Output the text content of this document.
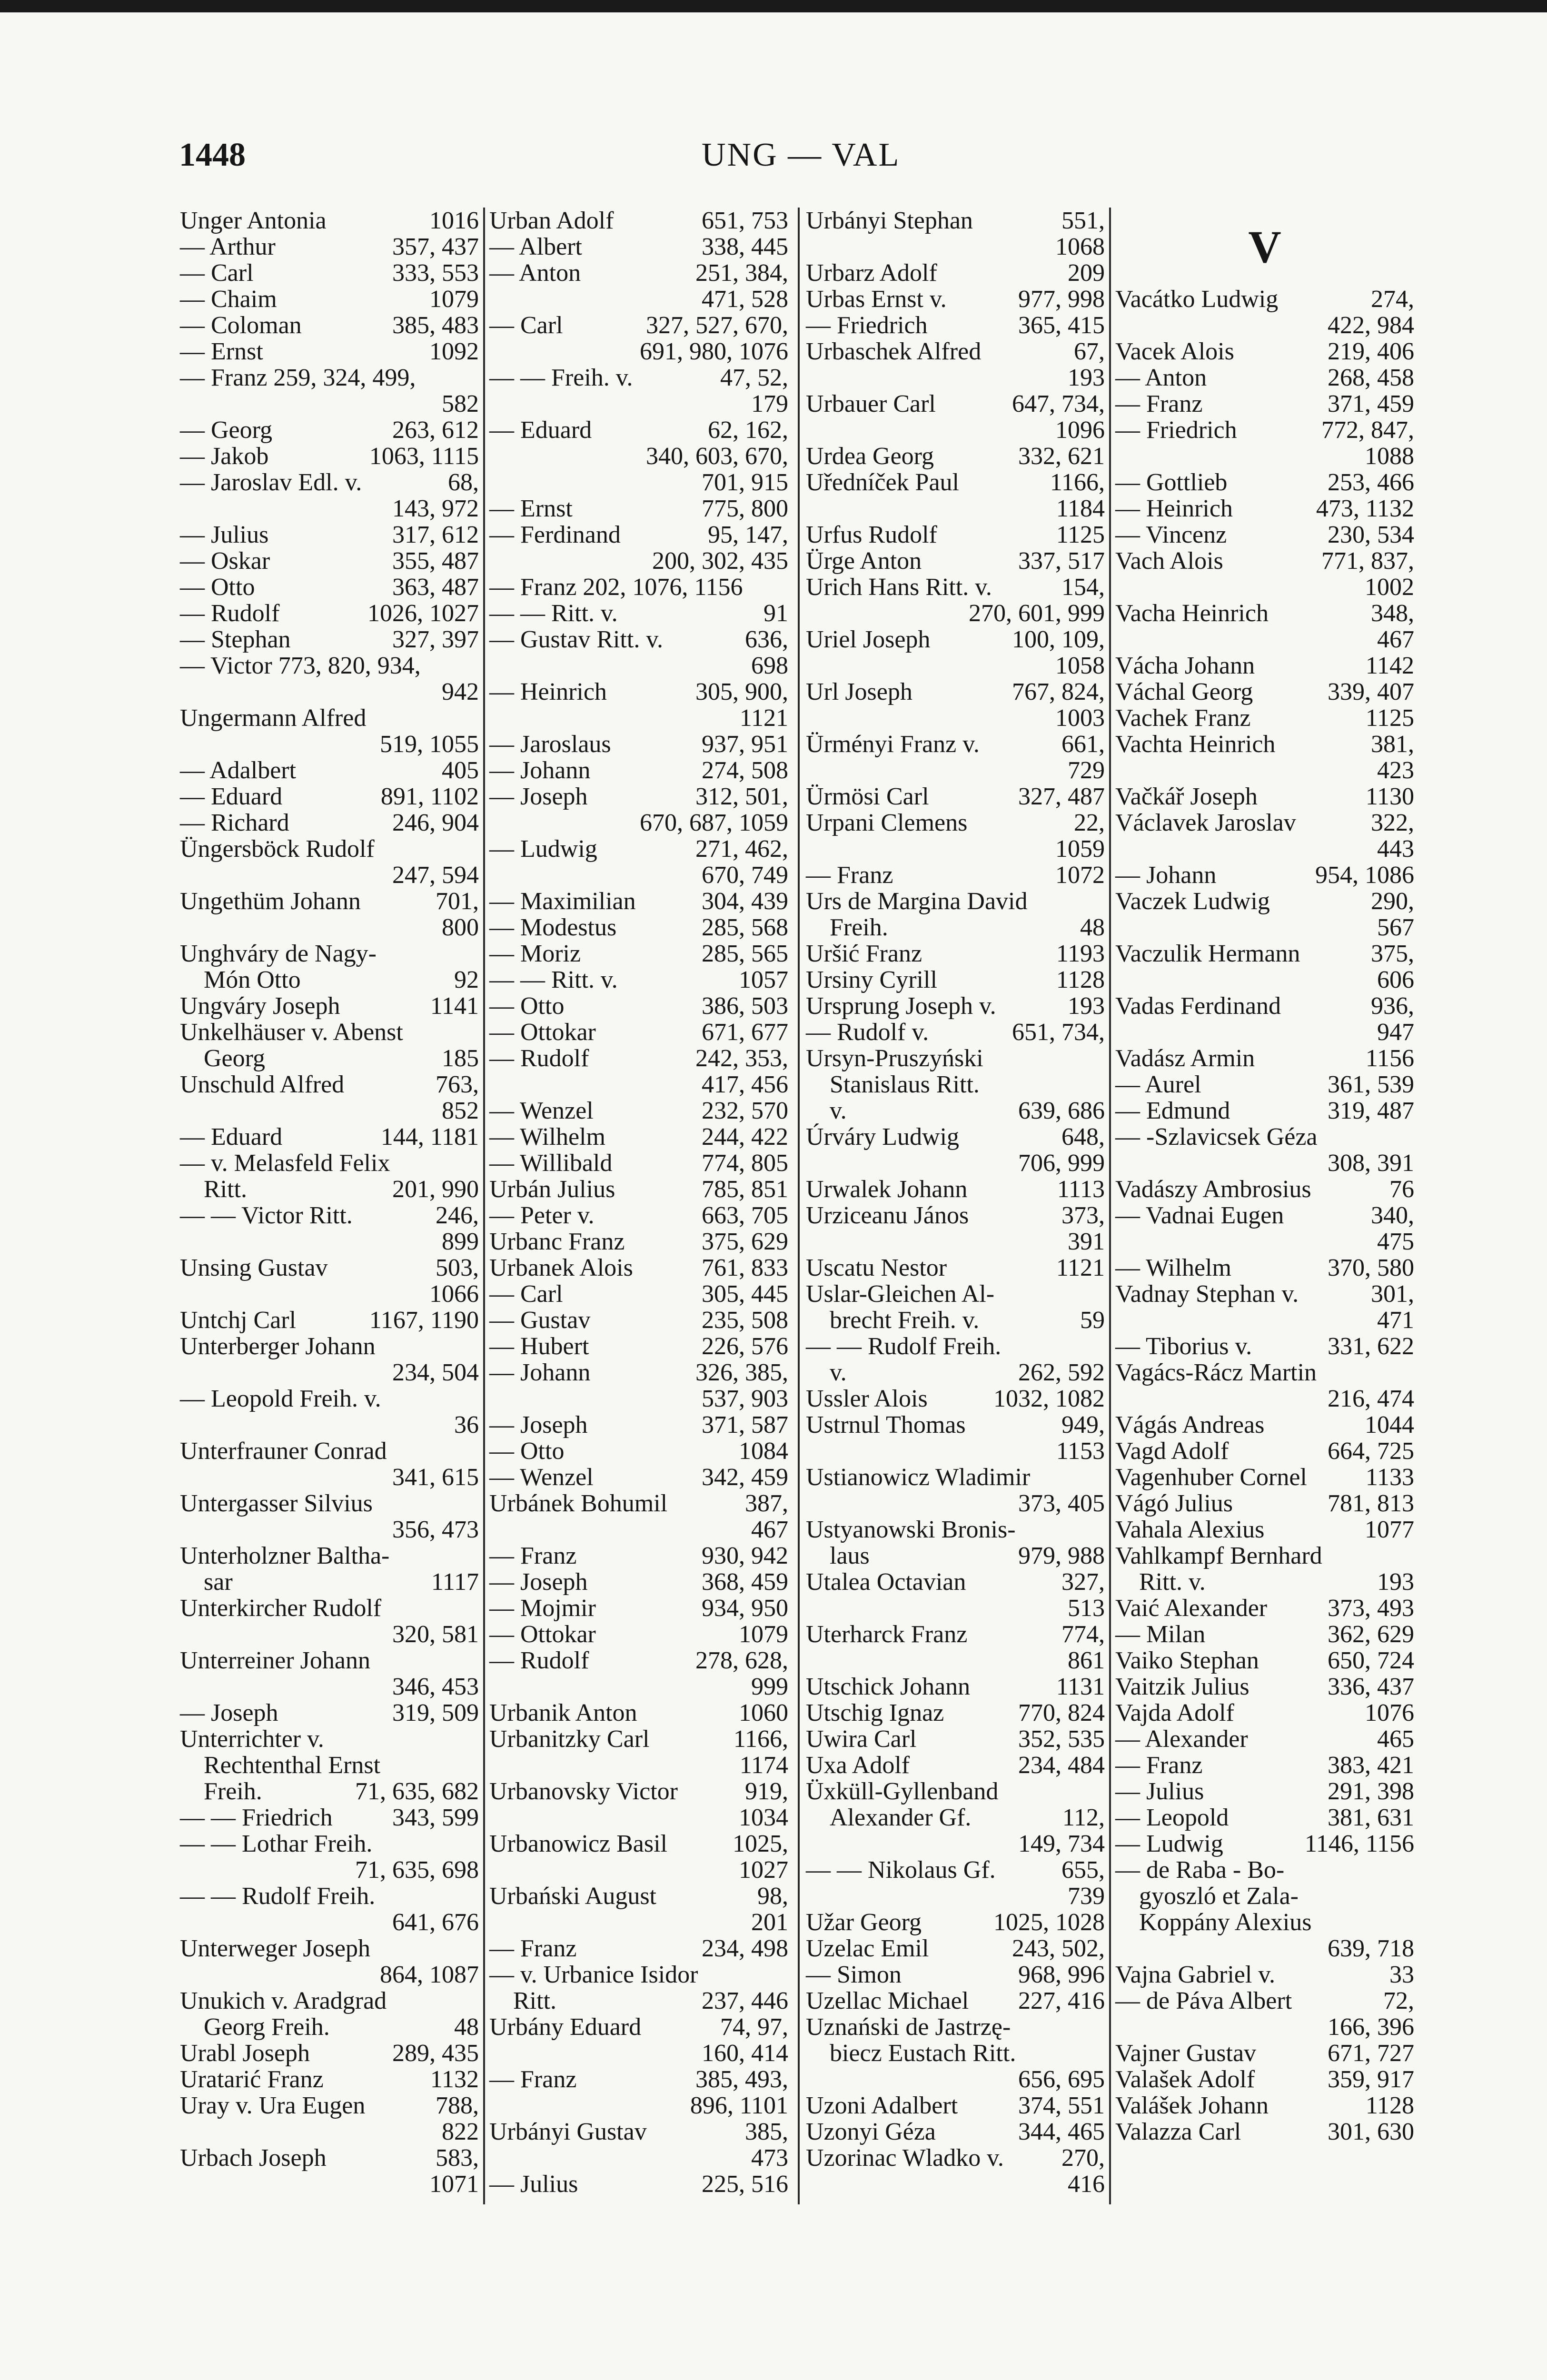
1448	UNG — VAL
Unger Antonia	1016
— Arthur	357, 437
— Carl	333, 553
— Chaim	1079
— Coloman	385, 483
— Ernst	1092
— Franz 259, 324, 499,
582
— Georg	263, 612
— Jakob	1063, 1115
— Jaroslav Edl. v.	68,
143, 972
— Julius	317, 612
— Oskar	355, 487
— Otto	363, 487
— Rudolf	1026, 1027
— Stephan	327, 397
— Victor 773, 820, 934,
942
Ungermann Alfred
519, 1055
— Adalbert	405
— Eduard	891, 1102
— Richard	246, 904
Üngersböck Rudolf
247, 594
Ungethüm Johann	701,
800
Unghváry de Nagy-
Món Otto	92
Ungváry Joseph	1141
Unkelhäuser v. Abenst
Georg	185
Unschuld Alfred	763,
852
— Eduard	144, 1181
— v. Melasfeld Felix
Ritt.	201, 990
— — Victor Ritt.	246,
899
Unsing Gustav	503,
1066
Untchj Carl	1167, 1190
Unterberger Johann
234, 504
— Leopold Freih. v.
36
Unterfrauner Conrad
341, 615
Untergasser Silvius
356, 473
Unterholzner Baltha-
sar	1117
Unterkircher Rudolf
320, 581
Unterreiner Johann
346, 453
— Joseph	319, 509
Unterrichter v.
Rechtenthal Ernst
Freih.	71, 635, 682
— — Friedrich 343, 599
— — Lothar Freih.
71, 635, 698
— — Rudolf Freih.
641, 676
Unterweger Joseph
864, 1087
Unukich v. Aradgrad
Georg Freih.	48
Urabl Joseph	289, 435
Uratarić Franz	1132
Uray v. Ura Eugen	788,
822
Urbach Joseph	583,
1071
Urban Adolf	651, 753
— Albert	338, 445
— Anton	251, 384,
471, 528
— Carl	327, 527, 670,
691, 980, 1076
— — Freih. v.	47, 52,
179
— Eduard	62, 162,
340, 603, 670,
701, 915
— Ernst	775, 800
— Ferdinand	95, 147,
200, 302, 435
— Franz 202, 1076, 1156
— — Ritt. v.	91
— Gustav Ritt. v.	636,
698
— Heinrich	305, 900,
1121
— Jaroslaus	937, 951
— Johann	274, 508
— Joseph	312, 501,
670, 687, 1059
— Ludwig	271, 462,
670, 749
— Maximilian	304, 439
— Modestus	285, 568
— Moriz	285, 565
— — Ritt. v.	1057
— Otto	386, 503
— Ottokar	671, 677
— Rudolf	242, 353,
417, 456
— Wenzel	232, 570
— Wilhelm	244, 422
— Willibald	774, 805
Urbán Julius	785, 851
— Peter v.	663, 705
Urbanc Franz	375, 629
Urbanek Alois	761, 833
— Carl	305, 445
— Gustav	235, 508
— Hubert	226, 576
— Johann	326, 385,
537, 903
— Joseph	371, 587
— Otto	1084
— Wenzel	342, 459
Urbánek Bohumil	387,
467
— Franz	930, 942
— Joseph	368, 459
— Mojmir	934, 950
— Ottokar	1079
— Rudolf	278, 628,
999
Urbanik Anton	1060
Urbanitzky Carl	1166,
1174
Urbanovsky Victor	919,
1034
Urbanowicz Basil	1025,
1027
Urbański August	98,
201
— Franz	234, 498
— v. Urbanice Isidor
Ritt.	237, 446
Urbány Eduard	74, 97,
160, 414
— Franz	385, 493,
896, 1101
Urbányi Gustav	385,
473
— Julius	225, 516
Urbányi Stephan	551,
1068
Urbarz Adolf	209
Urbas Ernst v.	977, 998
— Friedrich	365, 415
Urbaschek Alfred	67,
193
Urbauer Carl	647, 734,
1096
Urdea Georg	332, 621
Uředníček Paul	1166,
1184
Urfus Rudolf	1125
Ürge Anton	337, 517
Urich Hans Ritt. v.	154,
270, 601, 999
Uriel Joseph	100, 109,
1058
Url Joseph	767, 824,
1003
Ürményi Franz v.	661,
729
Ürmösi Carl	327, 487
Urpani Clemens	22,
1059
— Franz	1072
Urs de Margina David
Freih.	48
Uršić Franz	1193
Ursiny Cyrill	1128
Ursprung Joseph v.	193
— Rudolf v.	651, 734,
Ursyn-Pruszyński
Stanislaus Ritt.
v.	639, 686
Úrváry Ludwig	648,
706, 999
Urwalek Johann	1113
Urziceanu János	373,
391
Uscatu Nestor	1121
Uslar-Gleichen Al-
brecht Freih. v.	59
— — Rudolf Freih.
v.	262, 592
Ussler Alois	1032, 1082
Ustrnul Thomas	949,
1153
Ustianowicz Wladimir
373, 405
Ustyanowski Bronis-
laus	979, 988
Utalea Octavian	327,
513
Uterharck Franz	774,
861
Utschick Johann	1131
Utschig Ignaz	770, 824
Uwira Carl	352, 535
Uxa Adolf	234, 484
Üxküll-Gyllenband
Alexander Gf.	112,
149, 734
— — Nikolaus Gf.	655,
739
Užar Georg	1025, 1028
Uzelac Emil	243, 502,
— Simon	968, 996
Uzellac Michael 227, 416
Uznański de Jastrzę-
biecz Eustach Ritt.
656, 695
Uzoni Adalbert 374, 551
Uzonyi Géza	344, 465
Uzorinac Wladko v. 270,
416
V
Vacátko Ludwig	274,
422, 984
Vacek Alois	219, 406
— Anton	268, 458
— Franz	371, 459
— Friedrich	772, 847,
1088
— Gottlieb	253, 466
— Heinrich	473, 1132
— Vincenz	230, 534
Vach Alois	771, 837,
1002
Vacha Heinrich	348,
467
Vácha Johann	1142
Váchal Georg	339, 407
Vachek Franz	1125
Vachta Heinrich	381,
423
Vačkář Joseph	1130
Václavek Jaroslav	322,
443
— Johann	954, 1086
Vaczek Ludwig	290,
567
Vaczulik Hermann	375,
606
Vadas Ferdinand	936,
947
Vadász Armin	1156
— Aurel	361, 539
— Edmund	319, 487
— -Szlavicsek Géza
308, 391
Vadászy Ambrosius	76
— Vadnai Eugen	340,
475
— Wilhelm	370, 580
Vadnay Stephan v.	301,
471
— Tiborius v.	331, 622
Vagács-Rácz Martin
216, 474
Vágás Andreas	1044
Vagd Adolf	664, 725
Vagenhuber Cornel 1133
Vágó Julius	781, 813
Vahala Alexius	1077
Vahlkampf Bernhard
Ritt. v.	193
Vaić Alexander 373, 493
— Milan	362, 629
Vaiko Stephan	650, 724
Vaitzik Julius	336, 437
Vajda Adolf	1076
— Alexander	465
— Franz	383, 421
— Julius	291, 398
— Leopold	381, 631
— Ludwig	1146, 1156
— de Raba - Bo-
gyoszló et Zala-
Koppány Alexius
639, 718
Vajna Gabriel v.	33
— de Páva Albert	72,
166, 396
Vajner Gustav	671, 727
Valašek Adolf	359, 917
Valášek Johann	1128
Valazza Carl	301, 630
